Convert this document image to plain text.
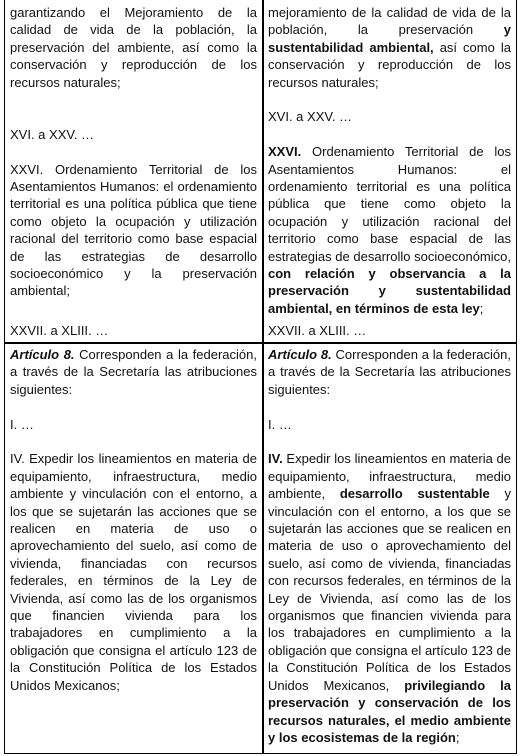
garantizando el Mejoramiento de la calidad de vida de la población, la preservación del ambiente, así como la conservación y reproducción de los recursos naturales;

XVI. a XXV. …

XXVI. Ordenamiento Territorial de los Asentamientos Humanos: el ordenamiento territorial es una política pública que tiene como objeto la ocupación y utilización racional del territorio como base espacial de las estrategias de desarrollo socioeconómico y la preservación ambiental;

XXVII. a XLIII. …

mejoramiento de la calidad de vida de la población, la preservación y sustentabilidad ambiental, así como la conservación y reproducción de los recursos naturales;

XVI. a XXV. …

XXVI. Ordenamiento Territorial de los Asentamientos Humanos: el ordenamiento territorial es una política pública que tiene como objeto la ocupación y utilización racional del territorio como base espacial de las estrategias de desarrollo socioeconómico, con relación y observancia a la preservación y sustentabilidad ambiental, en términos de esta ley;

XXVII. a XLIII. …

Artículo 8. Corresponden a la federación, a través de la Secretaría las atribuciones siguientes:

I. …

IV. Expedir los lineamientos en materia de equipamiento, infraestructura, medio ambiente y vinculación con el entorno, a los que se sujetarán las acciones que se realicen en materia de uso o aprovechamiento del suelo, así como de vivienda, financiadas con recursos federales, en términos de la Ley de Vivienda, así como las de los organismos que financien vivienda para los trabajadores en cumplimiento a la obligación que consigna el artículo 123 de la Constitución Política de los Estados Unidos Mexicanos;

Artículo 8. Corresponden a la federación, a través de la Secretaría las atribuciones siguientes:

I. …

IV. Expedir los lineamientos en materia de equipamiento, infraestructura, medio ambiente, desarrollo sustentable y vinculación con el entorno, a los que se sujetarán las acciones que se realicen en materia de uso o aprovechamiento del suelo, así como de vivienda, financiadas con recursos federales, en términos de la Ley de Vivienda, así como las de los organismos que financien vivienda para los trabajadores en cumplimiento a la obligación que consigna el artículo 123 de la Constitución Política de los Estados Unidos Mexicanos, privilegiando la preservación y conservación de los recursos naturales, el medio ambiente y los ecosistemas de la región;
